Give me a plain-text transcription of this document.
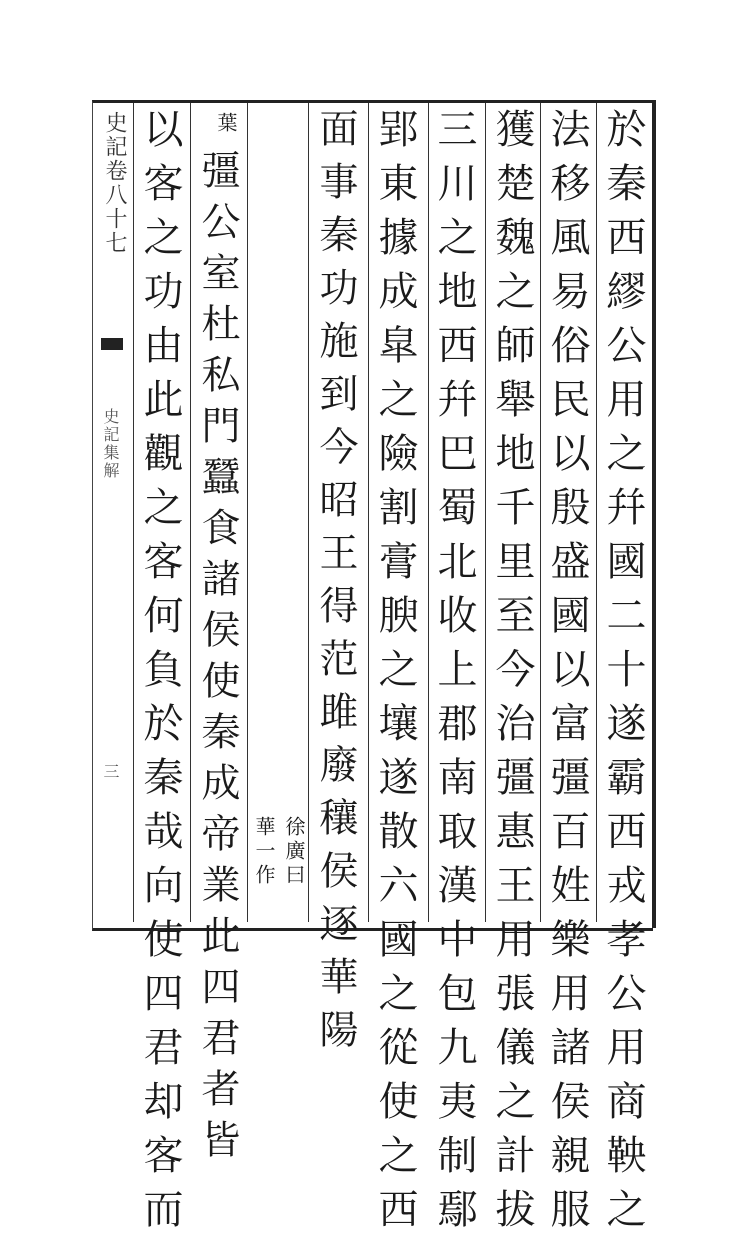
史記卷八十七
史記集解
三	於秦西繆公用之幷國二十遂霸西戎孝公用商鞅之
法移風易俗民以殷盛國以富彊百姓樂用諸侯親服
獲楚魏之師舉地千里至今治彊惠王用張儀之計拔
三川之地西幷巴蜀北收上郡南取漢中包九夷制鄢
郢東據成皐之險割膏腴之壤遂散六國之從使之西
面事秦功施到今昭王得范雎廢穰侯逐華陽
徐廣曰
華一作
葉
彊公室杜私門蠶食諸侯使秦成帝業此四君者皆
以客之功由此觀之客何負於秦哉向使四君却客而
